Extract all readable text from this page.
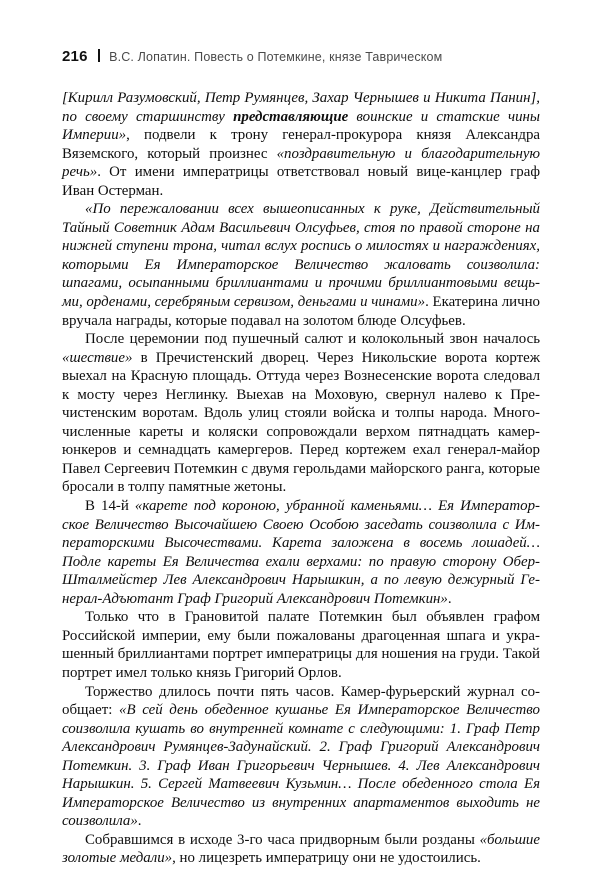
216 В.С. Лопатин. Повесть о Потемкине, князе Таврическом

[Кирилл Разумовский, Петр Румянцев, Захар Чернышев и Никита Панин], по своему старшинству представляющие воинские и статские чины Империи», подвели к трону генерал-прокурора князя Александра Вяземского, который произнес «поздравительную и благодарительную речь». От имени императрицы ответствовал новый вице-канцлер граф Иван Остерман.

«По пережаловании всех вышеописанных к руке, Действительный Тайный Советник Адам Васильевич Олсуфьев, стоя по правой стороне на нижней ступени трона, читал вслух роспись о милостях и награждениях, которыми Ея Императорское Величество жаловать соизволила: шпагами, осыпанными бриллиантами и прочими бриллиантовыми вещьми, орденами, серебряным сервизом, деньгами и чинами». Екатерина лично вручала награды, которые подавал на золотом блюде Олсуфьев.

После церемонии под пушечный салют и колокольный звон началось «шествие» в Пречистенский дворец. Через Никольские ворота кортеж выехал на Красную площадь. Оттуда через Вознесенские ворота следовал к мосту через Неглинку. Выехав на Моховую, свернул налево к Пречистенским воротам. Вдоль улиц стояли войска и толпы народа. Многочисленные кареты и коляски сопровождали верхом пятнадцать камерюнкеров и семнадцать камергеров. Перед кортежем ехал генерал-майор Павел Сергеевич Потемкин с двумя герольдами майорского ранга, которые бросали в толпу памятные жетоны.

В 14-й «карете под короною, убранной каменьями… Ея Императорское Величество Высочайшею Своею Особою заседать соизволила с Императорскими Высочествами. Карета заложена в восемь лошадей… Подле кареты Ея Величества ехали верхами: по правую сторону Обер-Шталмейстер Лев Александрович Нарышкин, а по левую дежурный Генерал-Адъютант Граф Григорий Александрович Потемкин».

Только что в Грановитой палате Потемкин был объявлен графом Российской империи, ему были пожалованы драгоценная шпага и украшенный бриллиантами портрет императрицы для ношения на груди. Такой портрет имел только князь Григорий Орлов.

Торжество длилось почти пять часов. Камер-фурьерский журнал сообщает: «В сей день обеденное кушанье Ея Императорское Величество соизволила кушать во внутренней комнате с следующими: 1. Граф Петр Александрович Румянцев-Задунайский. 2. Граф Григорий Александрович Потемкин. 3. Граф Иван Григорьевич Чернышев. 4. Лев Александрович Нарышкин. 5. Сергей Матвеевич Кузьмин… После обеденного стола Ея Императорское Величество из внутренних апартаментов выходить не соизволила».

Собравшимся в исходе 3-го часа придворным были розданы «большие золотые медали», но лицезреть императрицу они не удостоились.
